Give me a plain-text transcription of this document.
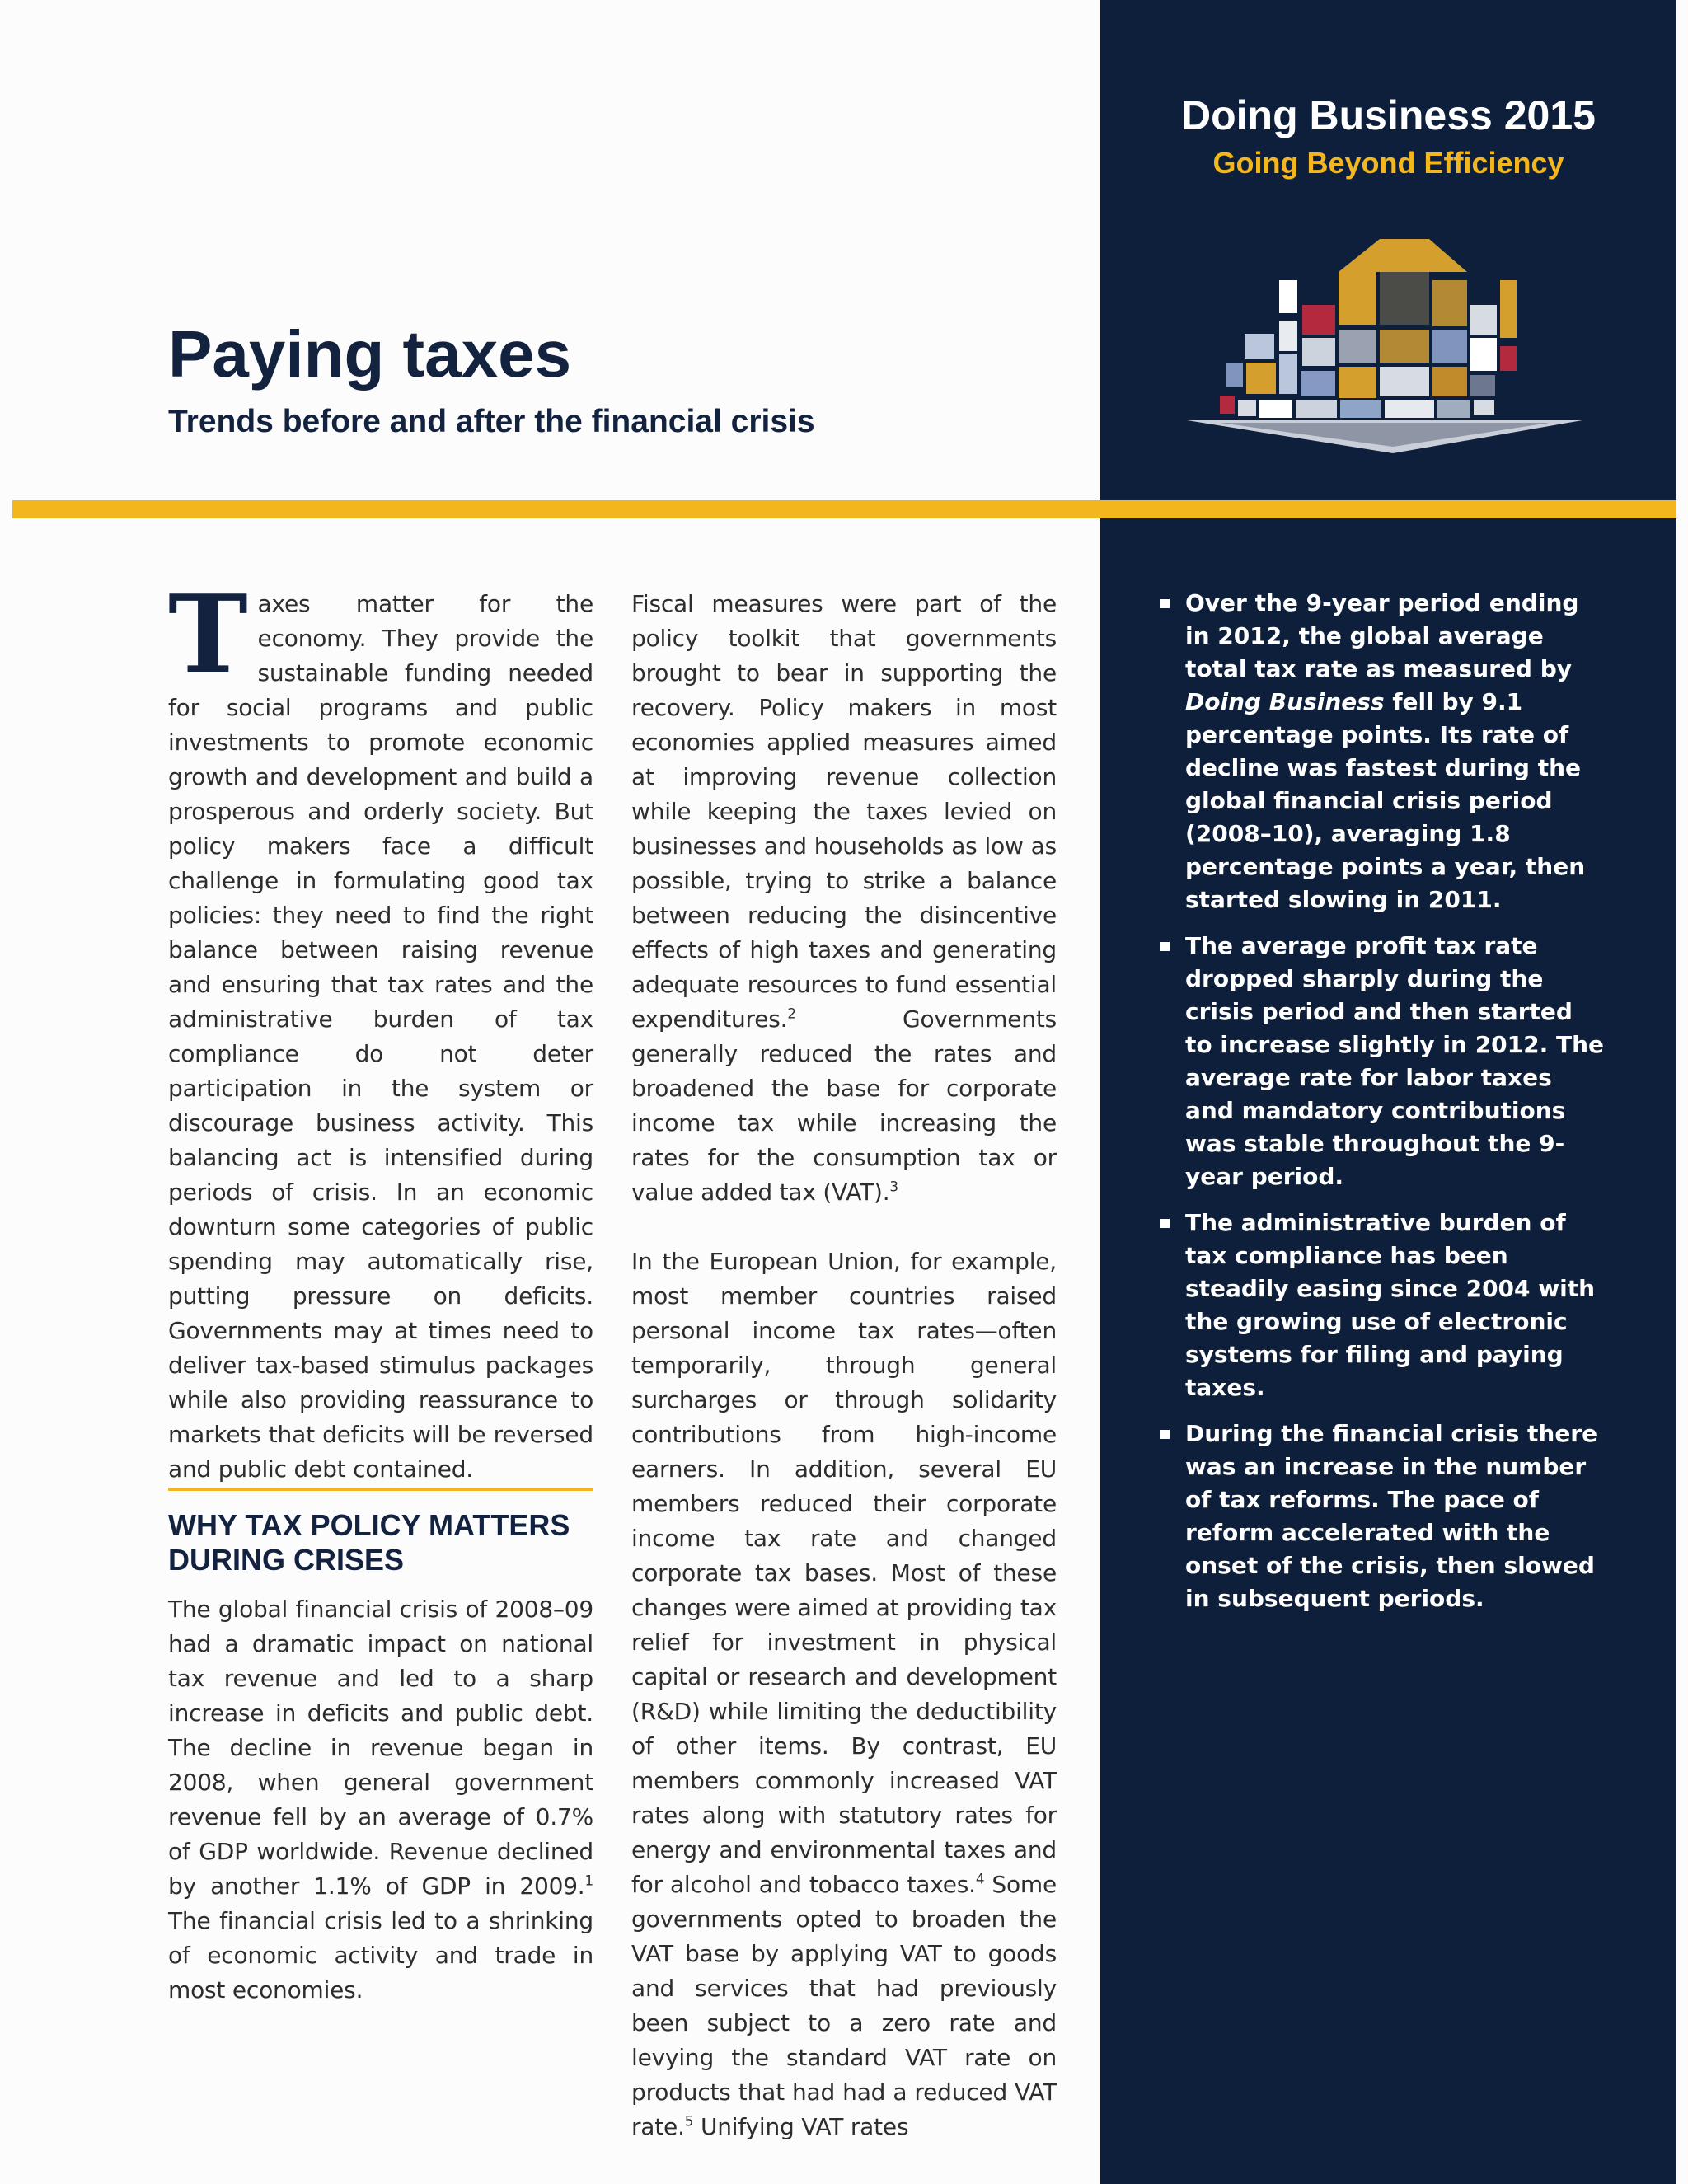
Doing Business 2015
Going Beyond Efficiency
Paying taxes
Trends before and after the financial crisis
T axes matter for the economy. They provide the sustainable funding needed for social programs and public investments to promote economic growth and development and build a prosperous and orderly society. But policy makers face a difficult challenge in formulating good tax policies: they need to find the right balance between raising revenue and ensuring that tax rates and the administrative burden of tax compliance do not deter participation in the system or discourage business activity. This balancing act is intensified during periods of crisis. In an economic downturn some categories of public spending may automatically rise, putting pressure on deficits. Governments may at times need to deliver tax-based stimulus packages while also providing reassurance to markets that deficits will be reversed and public debt contained.

WHY TAX POLICY MATTERS DURING CRISES

The global financial crisis of 2008–09 had a dramatic impact on national tax revenue and led to a sharp increase in deficits and public debt. The decline in revenue began in 2008, when general government revenue fell by an average of 0.7% of GDP worldwide. Revenue declined by another 1.1% of GDP in 2009.$^1$ The financial crisis led to a shrinking of economic activity and trade in most economies.

Fiscal measures were part of the policy toolkit that governments brought to bear in supporting the recovery. Policy makers in most economies applied measures aimed at improving revenue collection while keeping the taxes levied on businesses and households as low as possible, trying to strike a balance between reducing the disincentive effects of high taxes and generating adequate resources to fund essential expenditures.$^2$ Governments generally reduced the rates and broadened the base for corporate income tax while increasing the rates for the consumption tax or value added tax (VAT).$^3$

In the European Union, for example, most member countries raised personal income tax rates—often temporarily, through general surcharges or through solidarity contributions from high-income earners. In addition, several EU members reduced their corporate income tax rate and changed corporate tax bases. Most of these changes were aimed at providing tax relief for investment in physical capital or research and development (R&D) while limiting the deductibility of other items. By contrast, EU members commonly increased VAT rates along with statutory rates for energy and environmental taxes and for alcohol and tobacco taxes.$^4$ Some governments opted to broaden the VAT base by applying VAT to goods and services that had previously been subject to a zero rate and levying the standard VAT rate on products that had had a reduced VAT rate.$^5$ Unifying VAT rates

Over the 9-year period ending in 2012, the global average total tax rate as measured by Doing Business fell by 9.1 percentage points. Its rate of decline was fastest during the global financial crisis period (2008–10), averaging 1.8 percentage points a year, then started slowing in 2011.
The average profit tax rate dropped sharply during the crisis period and then started to increase slightly in 2012. The average rate for labor taxes and mandatory contributions was stable throughout the 9-year period.
The administrative burden of tax compliance has been steadily easing since 2004 with the growing use of electronic systems for filing and paying taxes.
During the financial crisis there was an increase in the number of tax reforms. The pace of reform accelerated with the onset of the crisis, then slowed in subsequent periods.
